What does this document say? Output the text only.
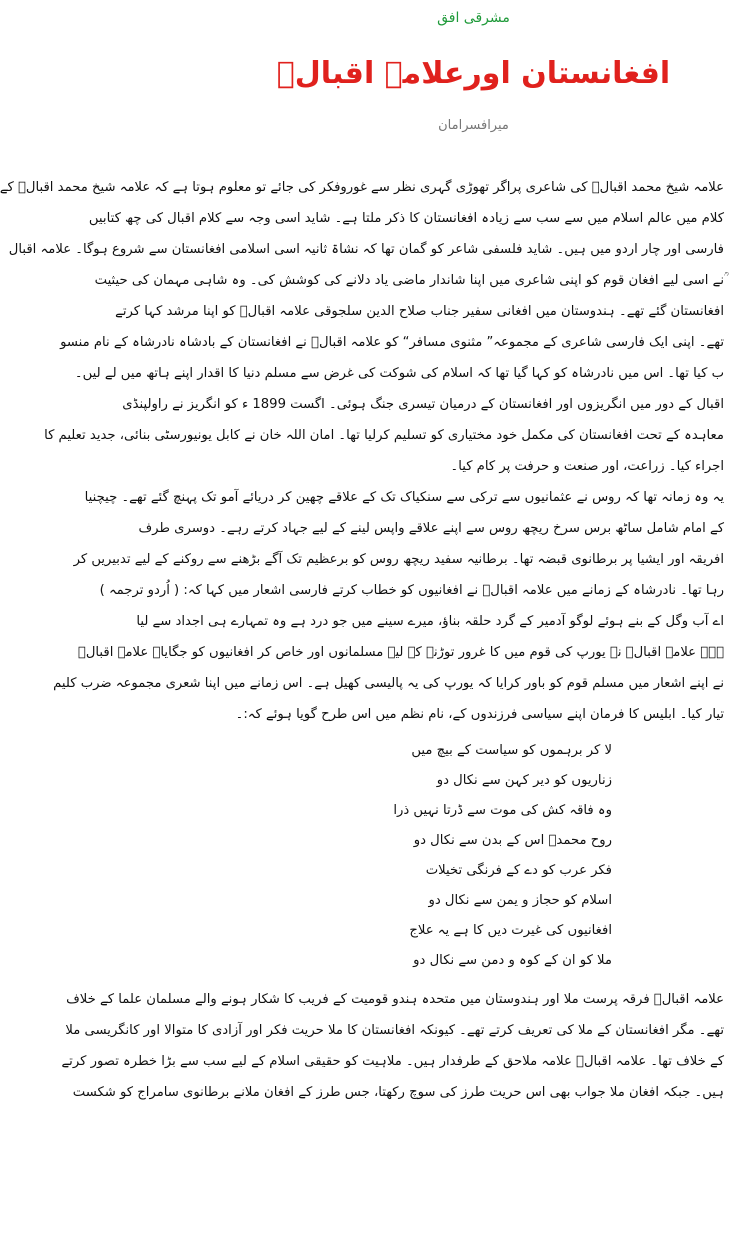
مشرقی افق
افغانستان اورعلامہ اقبالؒ
میرافسرامان

علامہ شیخ محمد اقبالؒ کی شاعری پراگر تھوڑی گہری نظر سے غوروفکر کی جائے تو معلوم ہوتا ہے کہ علامہ شیخ محمد اقبالؒ کے

کلام میں عالم اسلام میں سے سب سے زیادہ افغانستان کا ذکر ملتا ہے۔ شاید اسی وجہ سے کلام اقبال کی چھ کتابیں

فارسی اور چار اردو میں ہیں۔ شاید فلسفی شاعر کو گمان تھا کہ نشاۃ ثانیہ اسی اسلامی افغانستان سے شروع ہوگا۔ علامہ اقبال

ؒنے اسی لیے افغان قوم کو اپنی شاعری میں اپنا شاندار ماضی یاد دلانے کی کوشش کی۔ وہ شاہی مہمان کی حیثیت

افغانستان گئے تھے۔ ہندوستان میں افغانی سفیر جناب صلاح الدین سلجوقی علامہ اقبالؒ کو اپنا مرشد کہا کرتے

تھے۔ اپنی ایک فارسی شاعری کے مجموعہ” مثنوی مسافر“ کو علامہ اقبالؒ نے افغانستان کے بادشاہ نادرشاہ کے نام منسو

ب کیا تھا۔ اس میں نادرشاہ کو کہا گیا تھا کہ اسلام کی شوکت کی غرض سے مسلم دنیا کا اقدار اپنے ہاتھ میں لے لیں۔

اقبال کے دور میں انگریزوں اور افغانستان کے درمیان تیسری جنگ ہوئی۔ اگست 1899 ء کو انگریز نے راولپنڈی

معاہدہ کے تحت افغانستان کی مکمل خود مختیاری کو تسلیم کرلیا تھا۔ امان اللہ خان نے کابل یونیورسٹی بنائی، جدید تعلیم کا

اجراء کیا۔ زراعت، اور صنعت و حرفت پر کام کیا۔

یہ وہ زمانہ تھا کہ روس نے عثمانیوں سے ترکی سے سنکیاک تک کے علاقے چھین کر دریائے آمو تک پہنچ گئے تھے۔ چیچنیا

کے امام شامل ساٹھ برس سرخ ریچھ روس سے اپنے علاقے واپس لینے کے لیے جہاد کرتے رہے۔ دوسری طرف

افریقہ اور ایشیا پر برطانوی قبضہ تھا۔ برطانیہ سفید ریچھ روس کو برعظیم تک آگے بڑھنے سے روکنے کے لیے تدبیریں کر

رہا تھا۔ نادرشاہ کے زمانے میں علامہ اقبالؒ نے افغانیوں کو خطاب کرتے فارسی اشعار میں کہا کہ: ( اُردو ترجمہ )

اے آب وگل کے بنے ہوئے لوگو آدمیر کے گرد حلقہ بناؤ، میرے سینے میں جو درد ہے وہ تمہارے ہی اجداد سے لیا

ہے۔ علامہ اقبالؒ نے یورپ کی قوم میں کا غرور توڑنے کے لیے مسلمانوں اور خاص کر افغانیوں کو جگایا۔ علامہ اقبالؒ

نے اپنے اشعار میں مسلم قوم کو باور کرایا کہ یورپ کی یہ پالیسی کھیل ہے۔ اس زمانے میں اپنا شعری مجموعہ ضرب کلیم

تیار کیا۔ ابلیس کا فرمان اپنے سیاسی فرزندوں کے، نام نظم میں اس طرح گویا ہوئے کہ:۔

لا کر برہموں کو سیاست کے بیچ میں

زناریوں کو دیر کہن سے نکال دو

وہ فاقہ کش کی موت سے ڈرتا نہیں ذرا

روح محمدؐ اس کے بدن سے نکال دو

فکر عرب کو دے کے فرنگی تخیلات

اسلام کو حجاز و یمن سے نکال دو

افغانیوں کی غیرت دیں کا ہے یہ علاج

ملا کو ان کے کوہ و دمن سے نکال دو

علامہ اقبالؒ فرقہ پرست ملا اور ہندوستان میں متحدہ ہندو قومیت کے فریب کا شکار ہونے والے مسلمان علما کے خلاف

تھے۔ مگر افغانستان کے ملا کی تعریف کرتے تھے۔ کیونکہ افغانستان کا ملا حریت فکر اور آزادی کا متوالا اور کانگریسی ملا

کے خلاف تھا۔ علامہ اقبالؒ علامہ ملاحق کے طرفدار ہیں۔ ملاہیت کو حقیقی اسلام کے لیے سب سے بڑا خطرہ تصور کرتے

ہیں۔ جبکہ افغان ملا جواب بھی اس حریت طرز کی سوچ رکھتا، جس طرز کے افغان ملانے برطانوی سامراج کو شکست
